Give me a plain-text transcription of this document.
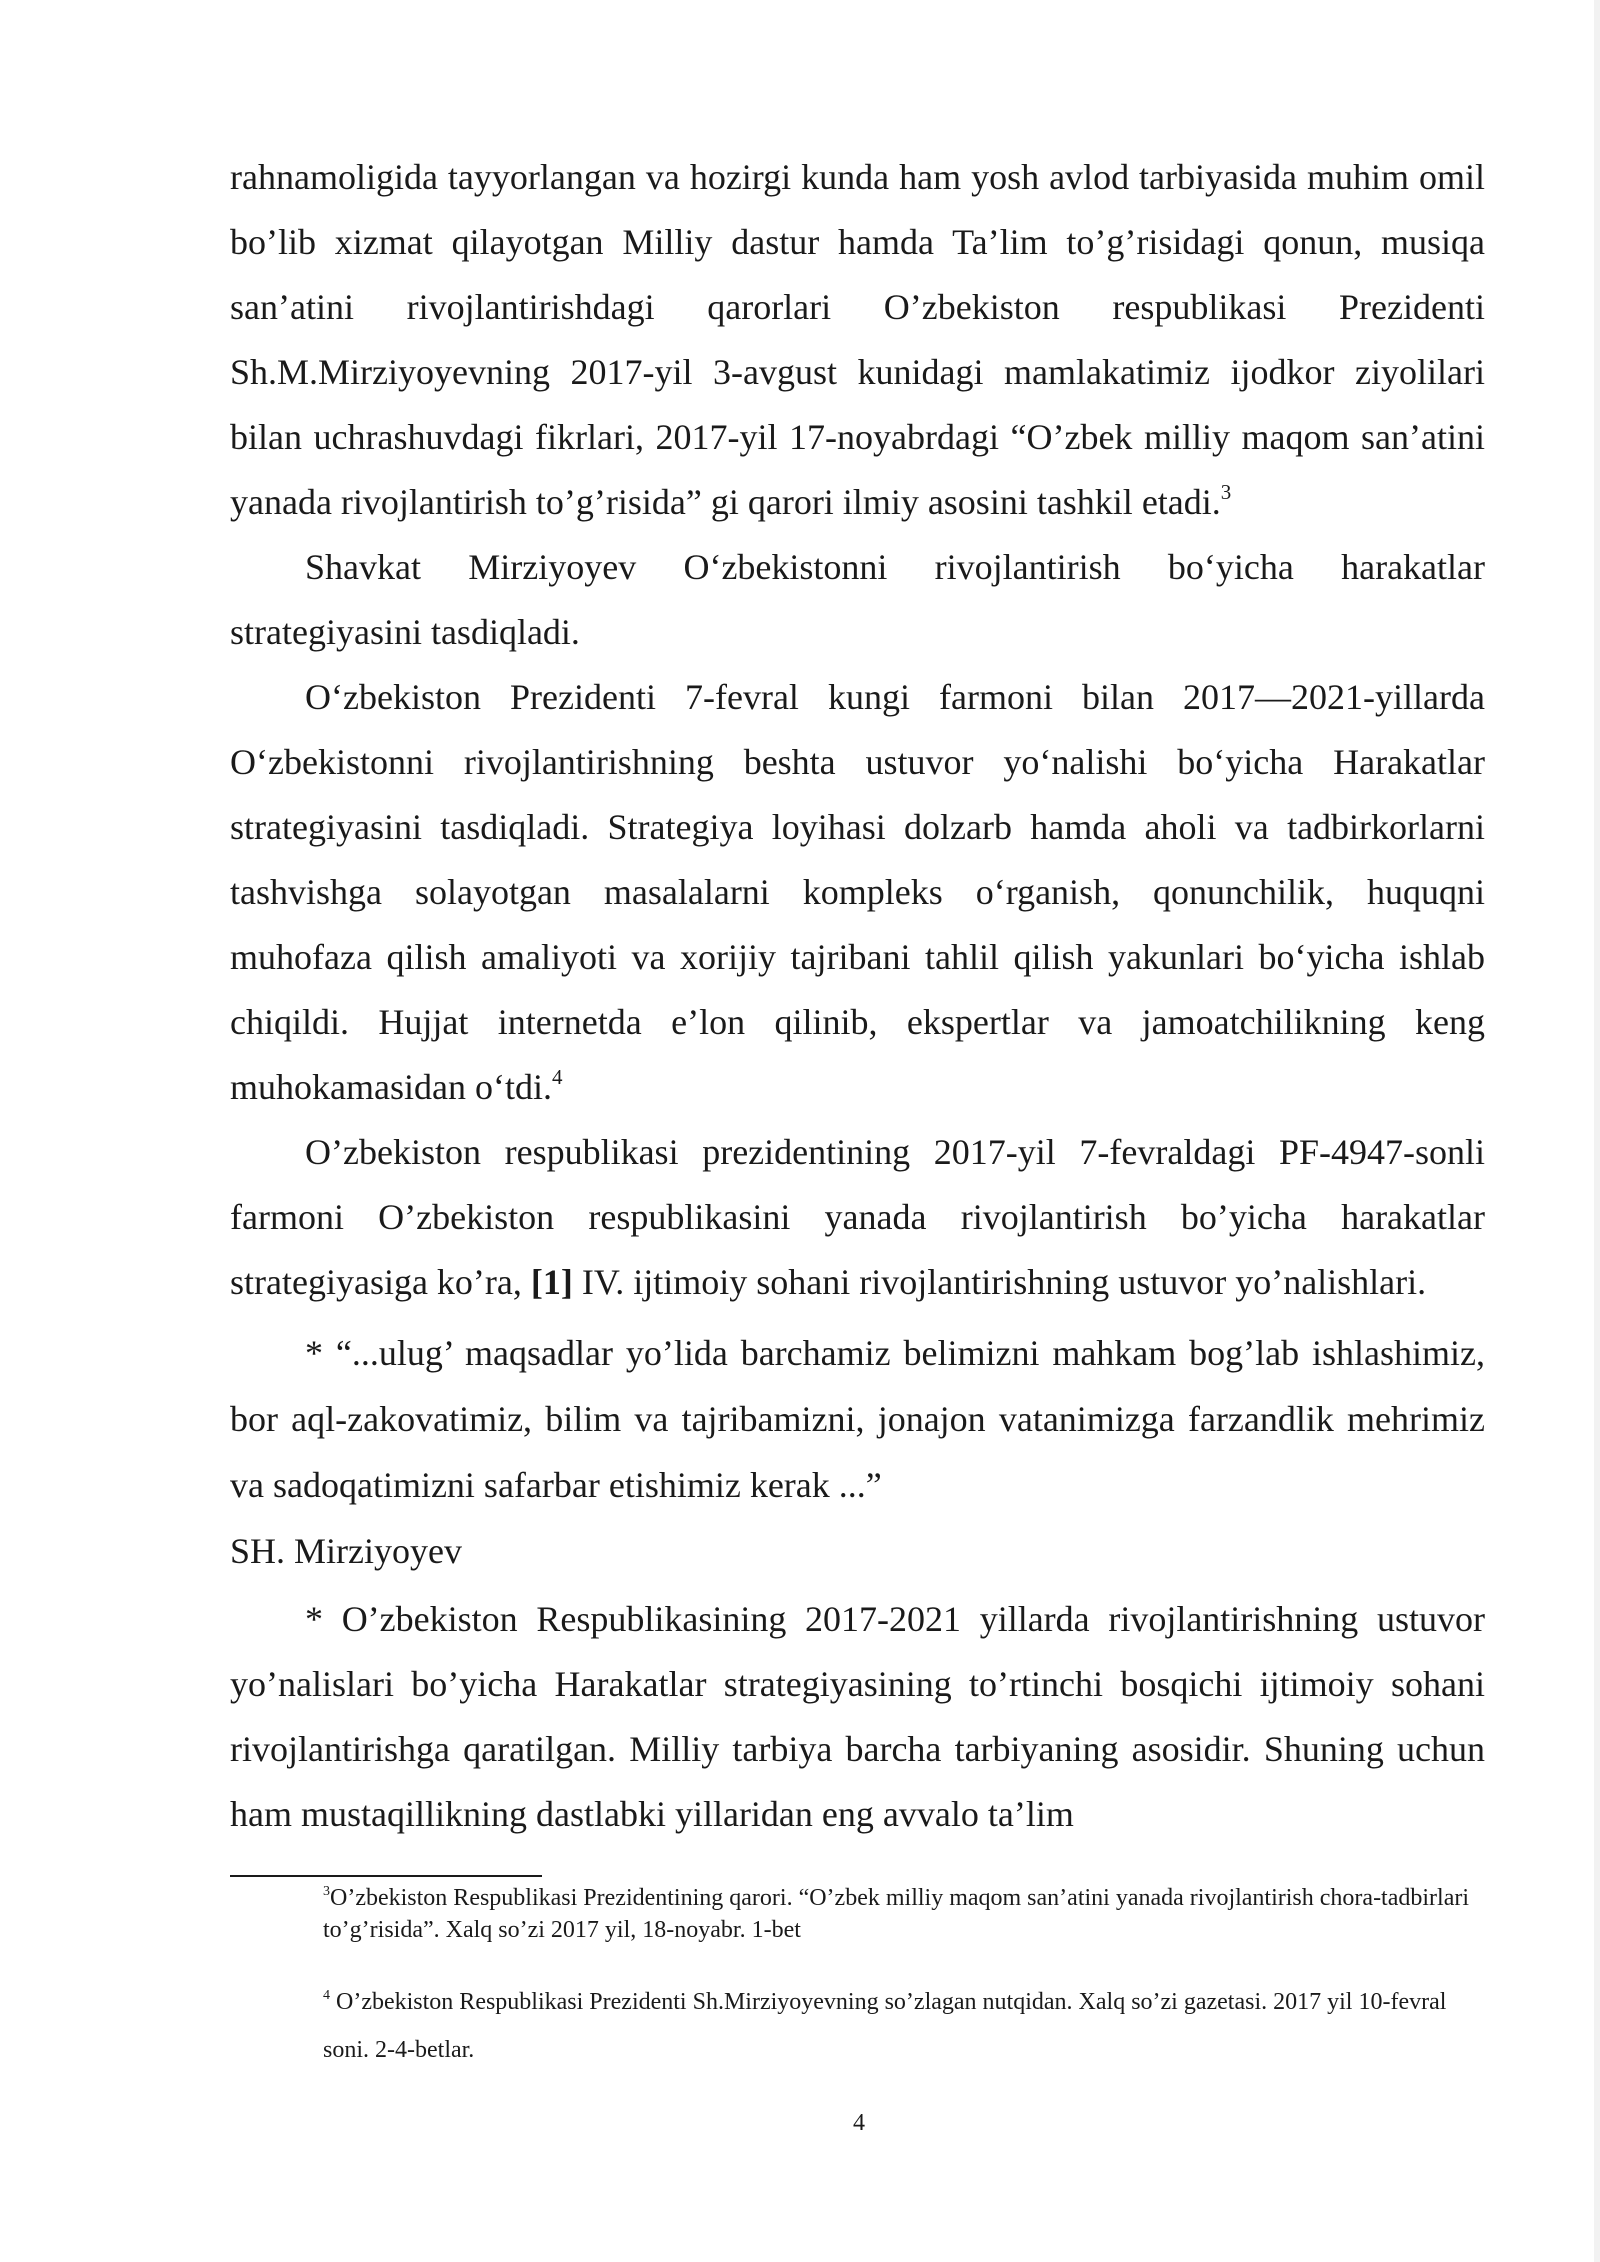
rahnamoligida tayyorlangan va hozirgi kunda ham yosh avlod tarbiyasida muhim omil bo’lib xizmat qilayotgan Milliy dastur hamda Ta’lim to’g’risidagi qonun, musiqa san’atini rivojlantirishdagi qarorlari O’zbekiston respublikasi Prezidenti Sh.M.Mirziyoyevning 2017-yil 3-avgust kunidagi mamlakatimiz ijodkor ziyolilari bilan uchrashuvdagi fikrlari, 2017-yil 17-noyabrdagi “O’zbek milliy maqom san’atini yanada rivojlantirish to’g’risida” gi qarori ilmiy asosini tashkil etadi.$^3$

Shavkat Mirziyoyev O‘zbekistonni rivojlantirish bo‘yicha harakatlar strategiyasini tasdiqladi.

O‘zbekiston Prezidenti 7-fevral kungi farmoni bilan 2017—2021-yillarda O‘zbekistonni rivojlantirishning beshta ustuvor yo‘nalishi bo‘yicha Harakatlar strategiyasini tasdiqladi. Strategiya loyihasi dolzarb hamda aholi va tadbirkorlarni tashvishga solayotgan masalalarni kompleks o‘rganish, qonunchilik, huquqni muhofaza qilish amaliyoti va xorijiy tajribani tahlil qilish yakunlari bo‘yicha ishlab chiqildi. Hujjat internetda e’lon qilinib, ekspertlar va jamoatchilikning keng muhokamasidan o‘tdi.$^4$

O’zbekiston respublikasi prezidentining 2017-yil 7-fevraldagi PF-4947-sonli farmoni O’zbekiston respublikasini yanada rivojlantirish bo’yicha harakatlar strategiyasiga ko’ra, [1] IV. ijtimoiy sohani rivojlantirishning ustuvor yo’nalishlari.

* “...ulug’ maqsadlar yo’lida barchamiz belimizni mahkam bog’lab ishlashimiz, bor aql-zakovatimiz, bilim va tajribamizni, jonajon vatanimizga farzandlik mehrimiz va sadoqatimizni safarbar etishimiz kerak ...”

SH. Mirziyoyev

* O’zbekiston Respublikasining 2017-2021 yillarda rivojlantirishning ustuvor yo’nalislari bo’yicha Harakatlar strategiyasining to’rtinchi bosqichi ijtimoiy sohani rivojlantirishga qaratilgan. Milliy tarbiya barcha tarbiyaning asosidir. Shuning uchun ham mustaqillikning dastlabki yillaridan eng avvalo ta’lim

$^3$O’zbekiston Respublikasi Prezidentining qarori. “O’zbek milliy maqom san’atini yanada rivojlantirish chora-tadbirlari to’g’risida”. Xalq so’zi 2017 yil, 18-noyabr. 1-bet

$^4$ O’zbekiston Respublikasi Prezidenti Sh.Mirziyoyevning so’zlagan nutqidan. Xalq so’zi gazetasi. 2017 yil 10-fevral soni. 2-4-betlar.

4
